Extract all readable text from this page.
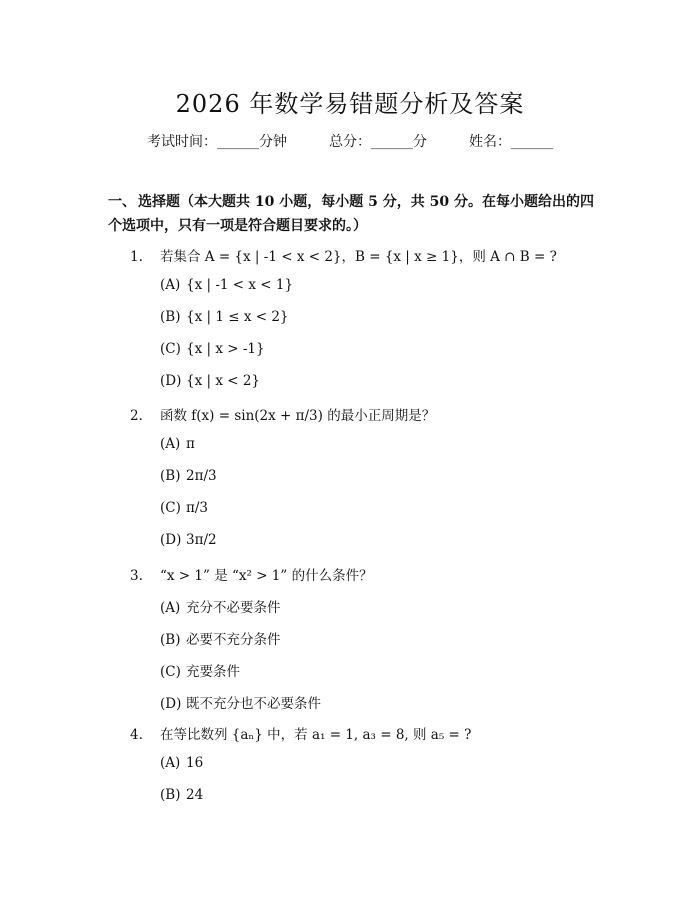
2026 年数学易错题分析及答案
考试时间：______分钟	总分：______分	姓名：______
一、 选择题（本大题共 10 小题，每小题 5 分，共 50 分。在每小题给出的四个选项中，只有一项是符合题目要求的。）
1. 若集合 A = {x | -1 < x < 2}，B = {x | x ≥ 1}，则 A ∩ B = ?
(A) {x | -1 < x < 1}
(B) {x | 1 ≤ x < 2}
(C) {x | x > -1}
(D) {x | x < 2}
2. 函数 f(x) = sin(2x + π/3) 的最小正周期是？
(A) π
(B) 2π/3
(C) π/3
(D) 3π/2
3. “x > 1” 是 “x² > 1” 的什么条件？
(A) 充分不必要条件
(B) 必要不充分条件
(C) 充要条件
(D) 既不充分也不必要条件
4. 在等比数列 {aₙ} 中，若 a₁ = 1, a₃ = 8, 则 a₅ = ?
(A) 16
(B) 24
